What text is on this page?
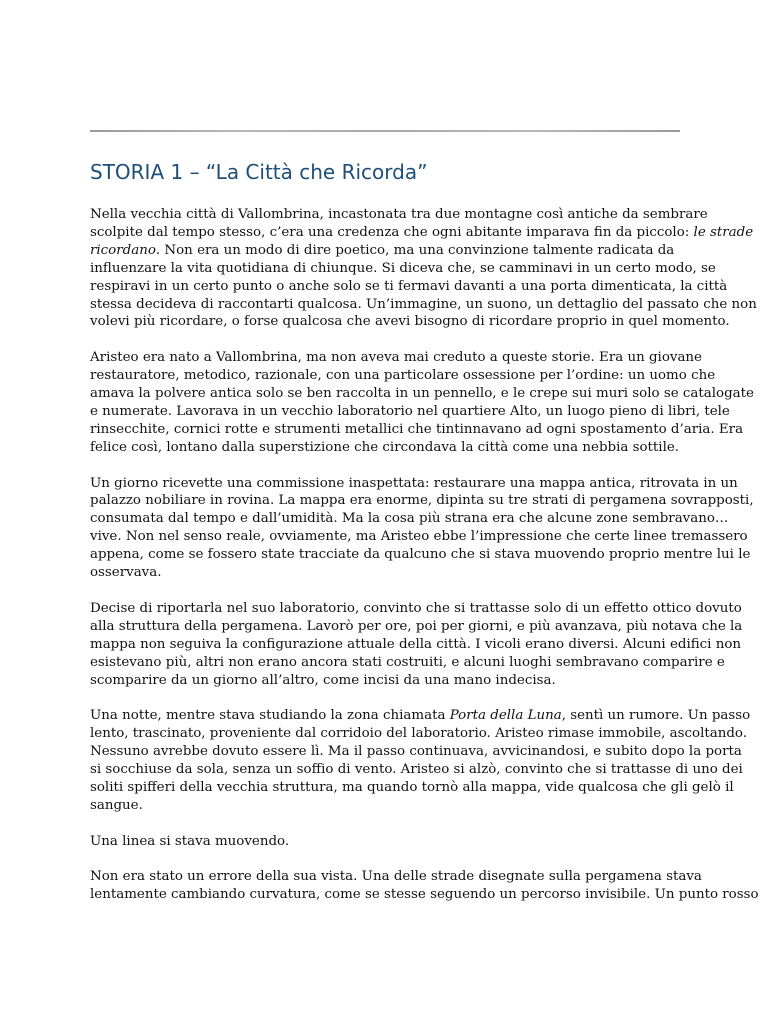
STORIA 1 – “La Città che Ricorda”

Nella vecchia città di Vallombrina, incastonata tra due montagne così antiche da sembrare
scolpite dal tempo stesso, c’era una credenza che ogni abitante imparava fin da piccolo: le strade
ricordano. Non era un modo di dire poetico, ma una convinzione talmente radicata da
influenzare la vita quotidiana di chiunque. Si diceva che, se camminavi in un certo modo, se
respiravi in un certo punto o anche solo se ti fermavi davanti a una porta dimenticata, la città
stessa decideva di raccontarti qualcosa. Un’immagine, un suono, un dettaglio del passato che non
volevi più ricordare, o forse qualcosa che avevi bisogno di ricordare proprio in quel momento.

Aristeo era nato a Vallombrina, ma non aveva mai creduto a queste storie. Era un giovane
restauratore, metodico, razionale, con una particolare ossessione per l’ordine: un uomo che
amava la polvere antica solo se ben raccolta in un pennello, e le crepe sui muri solo se catalogate
e numerate. Lavorava in un vecchio laboratorio nel quartiere Alto, un luogo pieno di libri, tele
rinsecchite, cornici rotte e strumenti metallici che tintinnavano ad ogni spostamento d’aria. Era
felice così, lontano dalla superstizione che circondava la città come una nebbia sottile.

Un giorno ricevette una commissione inaspettata: restaurare una mappa antica, ritrovata in un
palazzo nobiliare in rovina. La mappa era enorme, dipinta su tre strati di pergamena sovrapposti,
consumata dal tempo e dall’umidità. Ma la cosa più strana era che alcune zone sembravano…
vive. Non nel senso reale, ovviamente, ma Aristeo ebbe l’impressione che certe linee tremassero
appena, come se fossero state tracciate da qualcuno che si stava muovendo proprio mentre lui le
osservava.

Decise di riportarla nel suo laboratorio, convinto che si trattasse solo di un effetto ottico dovuto
alla struttura della pergamena. Lavorò per ore, poi per giorni, e più avanzava, più notava che la
mappa non seguiva la configurazione attuale della città. I vicoli erano diversi. Alcuni edifici non
esistevano più, altri non erano ancora stati costruiti, e alcuni luoghi sembravano comparire e
scomparire da un giorno all’altro, come incisi da una mano indecisa.

Una notte, mentre stava studiando la zona chiamata Porta della Luna, sentì un rumore. Un passo
lento, trascinato, proveniente dal corridoio del laboratorio. Aristeo rimase immobile, ascoltando.
Nessuno avrebbe dovuto essere lì. Ma il passo continuava, avvicinandosi, e subito dopo la porta
si socchiuse da sola, senza un soffio di vento. Aristeo si alzò, convinto che si trattasse di uno dei
soliti spifferi della vecchia struttura, ma quando tornò alla mappa, vide qualcosa che gli gelò il
sangue.

Una linea si stava muovendo.

Non era stato un errore della sua vista. Una delle strade disegnate sulla pergamena stava
lentamente cambiando curvatura, come se stesse seguendo un percorso invisibile. Un punto rosso
